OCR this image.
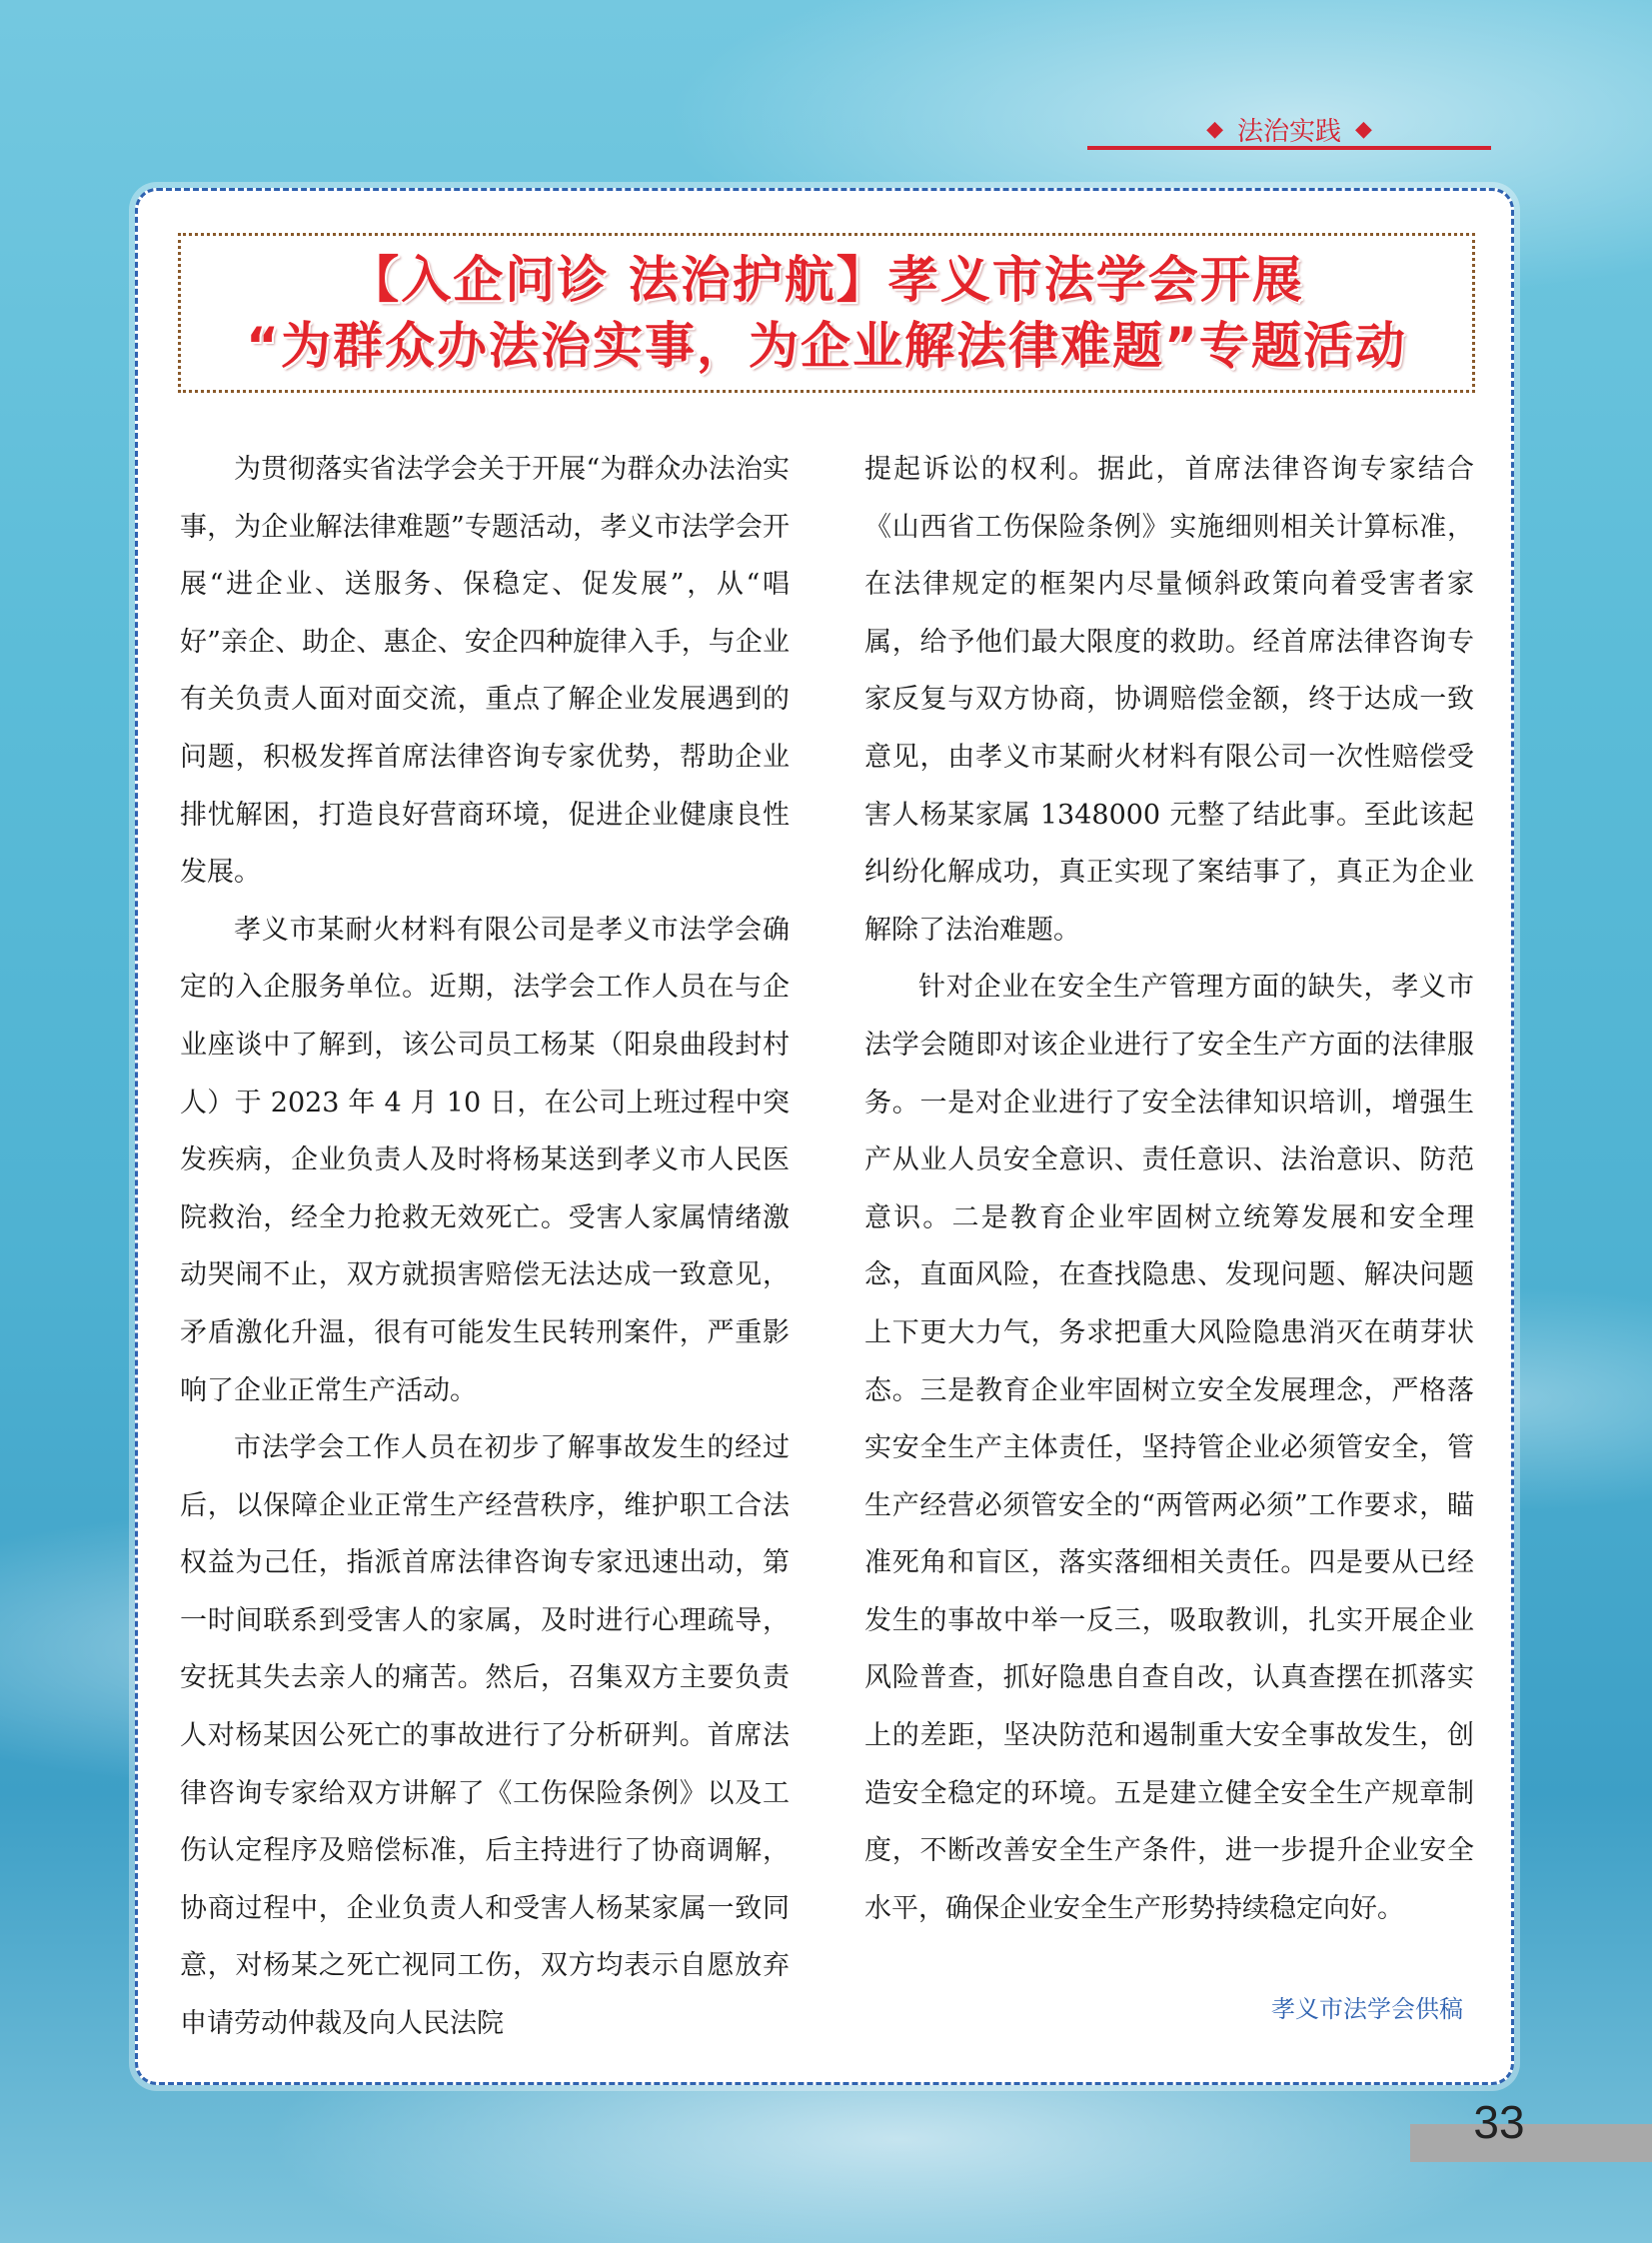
◆ 法治实践 ◆
【入企问诊 法治护航】孝义市法学会开展
“为群众办法治实事，为企业解法律难题”专题活动

为贯彻落实省法学会关于开展“为群众办法治实事，为企业解法律难题”专题活动，孝义市法学会开展“进企业、送服务、保稳定、促发展”，从“唱好”亲企、助企、惠企、安企四种旋律入手，与企业有关负责人面对面交流，重点了解企业发展遇到的问题，积极发挥首席法律咨询专家优势，帮助企业排忧解困，打造良好营商环境，促进企业健康良性发展。

孝义市某耐火材料有限公司是孝义市法学会确定的入企服务单位。近期，法学会工作人员在与企业座谈中了解到，该公司员工杨某（阳泉曲段封村人）于 2023 年 4 月 10 日，在公司上班过程中突发疾病，企业负责人及时将杨某送到孝义市人民医院救治，经全力抢救无效死亡。受害人家属情绪激动哭闹不止，双方就损害赔偿无法达成一致意见，矛盾激化升温，很有可能发生民转刑案件，严重影响了企业正常生产活动。

市法学会工作人员在初步了解事故发生的经过后，以保障企业正常生产经营秩序，维护职工合法权益为己任，指派首席法律咨询专家迅速出动，第一时间联系到受害人的家属，及时进行心理疏导，安抚其失去亲人的痛苦。然后，召集双方主要负责人对杨某因公死亡的事故进行了分析研判。首席法律咨询专家给双方讲解了《工伤保险条例》以及工伤认定程序及赔偿标准，后主持进行了协商调解，协商过程中，企业负责人和受害人杨某家属一致同意，对杨某之死亡视同工伤，双方均表示自愿放弃申请劳动仲裁及向人民法院

提起诉讼的权利。据此，首席法律咨询专家结合《山西省工伤保险条例》实施细则相关计算标准，在法律规定的框架内尽量倾斜政策向着受害者家属，给予他们最大限度的救助。经首席法律咨询专家反复与双方协商，协调赔偿金额，终于达成一致意见，由孝义市某耐火材料有限公司一次性赔偿受害人杨某家属 1348000 元整了结此事。至此该起纠纷化解成功，真正实现了案结事了，真正为企业解除了法治难题。

针对企业在安全生产管理方面的缺失，孝义市法学会随即对该企业进行了安全生产方面的法律服务。一是对企业进行了安全法律知识培训，增强生产从业人员安全意识、责任意识、法治意识、防范意识。二是教育企业牢固树立统筹发展和安全理念，直面风险，在查找隐患、发现问题、解决问题上下更大力气，务求把重大风险隐患消灭在萌芽状态。三是教育企业牢固树立安全发展理念，严格落实安全生产主体责任，坚持管企业必须管安全，管生产经营必须管安全的“两管两必须”工作要求，瞄准死角和盲区，落实落细相关责任。四是要从已经发生的事故中举一反三，吸取教训，扎实开展企业风险普查，抓好隐患自查自改，认真查摆在抓落实上的差距，坚决防范和遏制重大安全事故发生，创造安全稳定的环境。五是建立健全安全生产规章制度，不断改善安全生产条件，进一步提升企业安全水平，确保企业安全生产形势持续稳定向好。

孝义市法学会供稿
33
